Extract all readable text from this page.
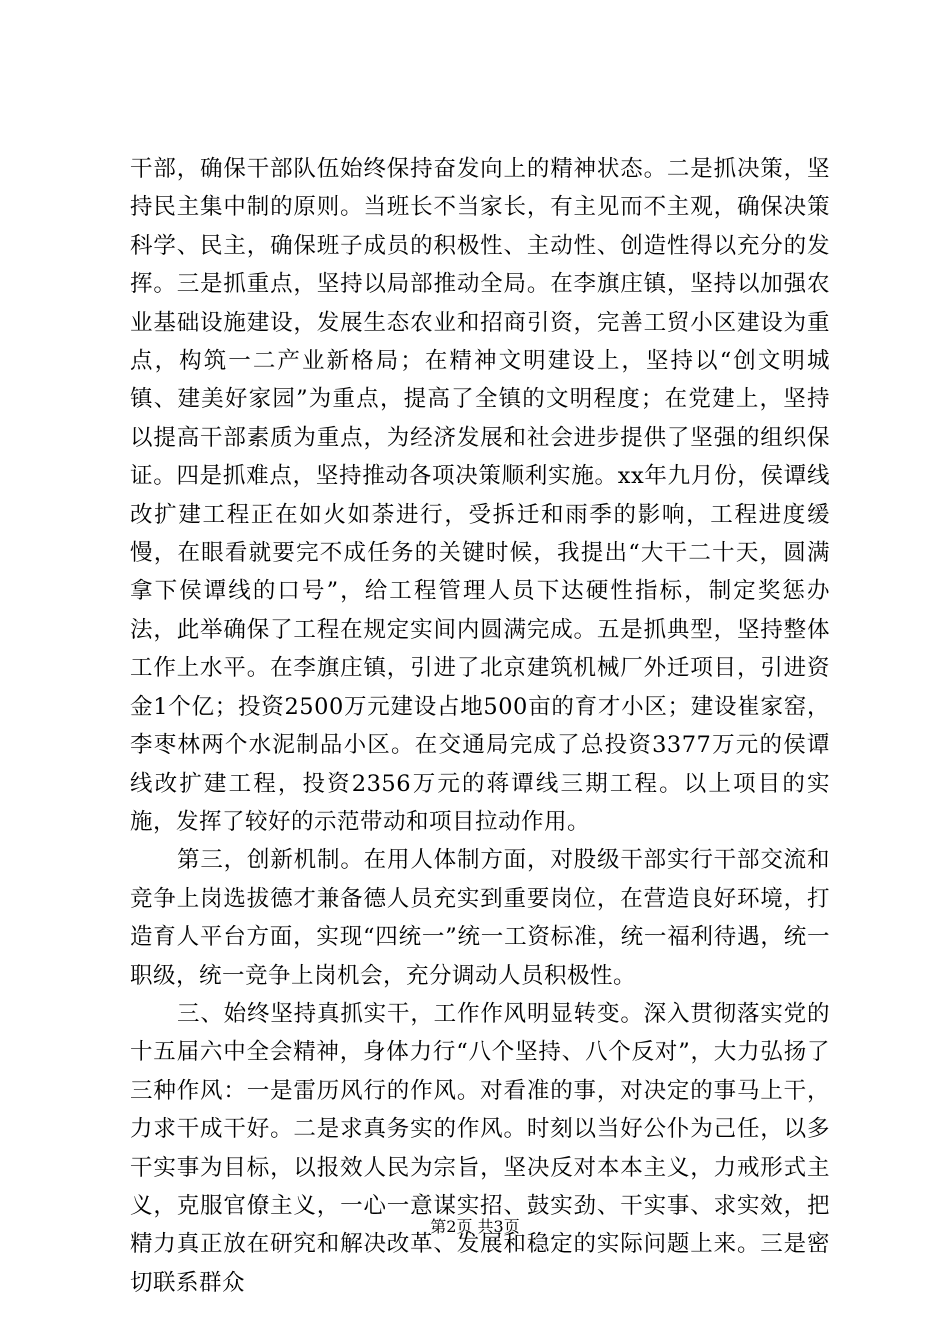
干部，确保干部队伍始终保持奋发向上的精神状态。二是抓决策，坚持民主集中制的原则。当班长不当家长，有主见而不主观，确保决策科学、民主，确保班子成员的积极性、主动性、创造性得以充分的发挥。三是抓重点，坚持以局部推动全局。在李旗庄镇，坚持以加强农业基础设施建设，发展生态农业和招商引资，完善工贸小区建设为重点，构筑一二产业新格局；在精神文明建设上，坚持以“创文明城镇、建美好家园”为重点，提高了全镇的文明程度；在党建上，坚持以提高干部素质为重点，为经济发展和社会进步提供了坚强的组织保证。四是抓难点，坚持推动各项决策顺利实施。xx年九月份，侯谭线改扩建工程正在如火如荼进行，受拆迁和雨季的影响，工程进度缓慢，在眼看就要完不成任务的关键时候，我提出“大干二十天，圆满拿下侯谭线的口号”，给工程管理人员下达硬性指标，制定奖惩办法，此举确保了工程在规定实间内圆满完成。五是抓典型，坚持整体工作上水平。在李旗庄镇，引进了北京建筑机械厂外迁项目，引进资金1个亿；投资2500万元建设占地500亩的育才小区；建设崔家窑，李枣林两个水泥制品小区。在交通局完成了总投资3377万元的侯谭线改扩建工程，投资2356万元的蒋谭线三期工程。以上项目的实施，发挥了较好的示范带动和项目拉动作用。

第三，创新机制。在用人体制方面，对股级干部实行干部交流和竞争上岗选拔德才兼备德人员充实到重要岗位，在营造良好环境，打造育人平台方面，实现“四统一”统一工资标准，统一福利待遇，统一职级，统一竞争上岗机会，充分调动人员积极性。

三、始终坚持真抓实干，工作作风明显转变。深入贯彻落实党的十五届六中全会精神，身体力行“八个坚持、八个反对”，大力弘扬了三种作风：一是雷历风行的作风。对看准的事，对决定的事马上干，力求干成干好。二是求真务实的作风。时刻以当好公仆为己任，以多干实事为目标，以报效人民为宗旨，坚决反对本本主义，力戒形式主义，克服官僚主义，一心一意谋实招、鼓实劲、干实事、求实效，把精力真正放在研究和解决改革、发展和稳定的实际问题上来。三是密切联系群众

第2页 共3页
